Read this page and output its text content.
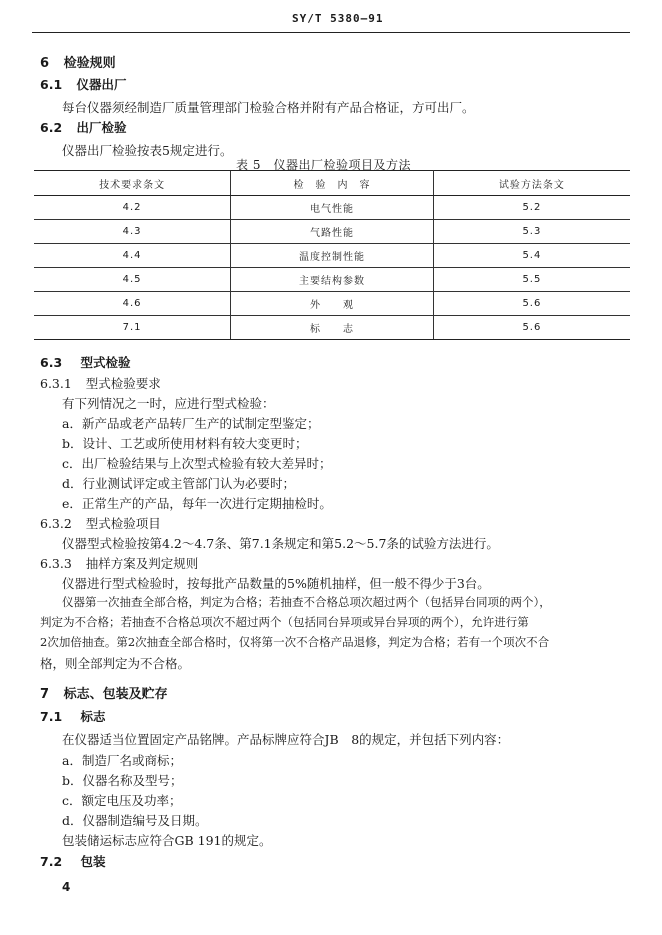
SY/T 5380—91
6 检验规则
6.1 仪器出厂
每台仪器须经制造厂质量管理部门检验合格并附有产品合格证，方可出厂。
6.2 出厂检验
仪器出厂检验按表5规定进行。
表 5　仪器出厂检验项目及方法
技术要求条文	检　验　内　容	试验方法条文
4.2	电气性能	5.2
4.3	气路性能	5.3
4.4	温度控制性能	5.4
4.5	主要结构参数	5.5
4.6	外　　观	5.6
7.1	标　　志	5.6
6.3 型式检验
6.3.1 型式检验要求
有下列情况之一时，应进行型式检验：
a．新产品或老产品转厂生产的试制定型鉴定；
b．设计、工艺或所使用材料有较大变更时；
c．出厂检验结果与上次型式检验有较大差异时；
d．行业测试评定或主管部门认为必要时；
e．正常生产的产品，每年一次进行定期抽检时。
6.3.2 型式检验项目
仪器型式检验按第4.2～4.7条、第7.1条规定和第5.2～5.7条的试验方法进行。
6.3.3 抽样方案及判定规则
仪器进行型式检验时，按每批产品数量的5%随机抽样，但一般不得少于3台。
仪器第一次抽查全部合格，判定为合格；若抽查不合格总项次超过两个（包括异台同项的两个），
判定为不合格；若抽查不合格总项次不超过两个（包括同台异项或异台异项的两个），允许进行第
2次加倍抽查。第2次抽查全部合格时，仅将第一次不合格产品退修，判定为合格；若有一个项次不合
格，则全部判定为不合格。
7 标志、包装及贮存
7.1 标志
在仪器适当位置固定产品铭牌。产品标牌应符合JB　8的规定，并包括下列内容：
a．制造厂名或商标；
b．仪器名称及型号；
c．额定电压及功率；
d．仪器制造编号及日期。
包装储运标志应符合GB 191的规定。
7.2 包装
4
